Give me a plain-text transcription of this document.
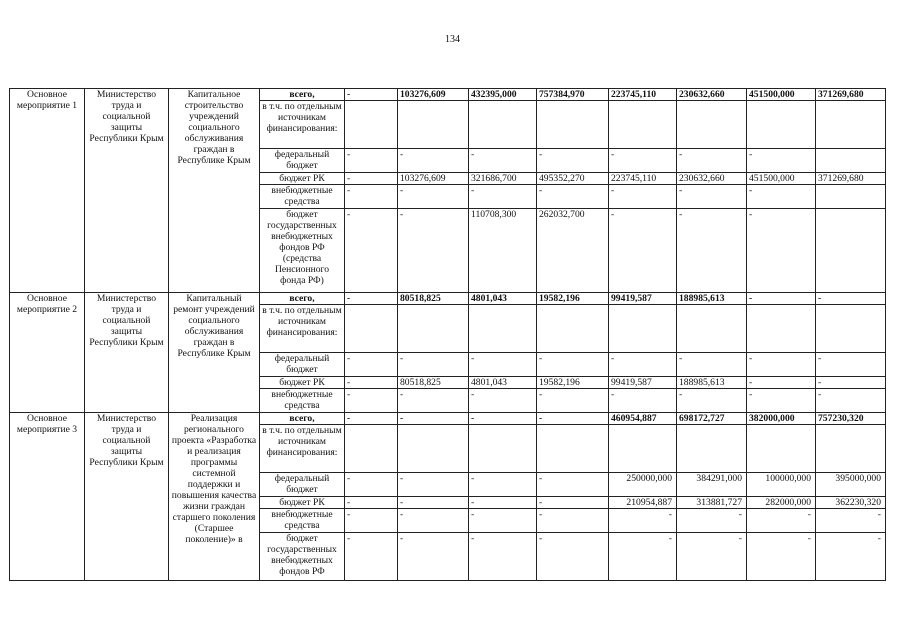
134
Основное мероприятие 1	Министерство труда и социальной защиты Республики Крым	Капитальное строительство учреждений социального обслуживания граждан в Республике Крым	всего,	-	103276,609	432395,000	757384,970	223745,110	230632,660	451500,000	371269,680
			в т.ч. по отдельным источникам финансирования:								
			федеральный бюджет	-	-	-	-	-	-	-	
			бюджет РК	-	103276,609	321686,700	495352,270	223745,110	230632,660	451500,000	371269,680
			внебюджетные средства	-	-	-	-	-	-	-	
			бюджет государственных внебюджетных фондов РФ (средства Пенсионного фонда РФ)	-	-	110708,300	262032,700	-	-	-	
Основное мероприятие 2	Министерство труда и социальной защиты Республики Крым	Капитальный ремонт учреждений социального обслуживания граждан в Республике Крым	всего,	-	80518,825	4801,043	19582,196	99419,587	188985,613	-	-
			в т.ч. по отдельным источникам финансирования:								
			федеральный бюджет	-	-	-	-	-	-	-	-
			бюджет РК	-	80518,825	4801,043	19582,196	99419,587	188985,613	-	-
			внебюджетные средства	-	-	-	-	-	-	-	-
Основное мероприятие 3	Министерство труда и социальной защиты Республики Крым	Реализация регионального проекта «Разработка и реализация программы системной поддержки и повышения качества жизни граждан старшего поколения (Старшее поколение)» в	всего,	-	-	-	-	460954,887	698172,727	382000,000	757230,320
			в т.ч. по отдельным источникам финансирования:								
			федеральный бюджет	-	-	-	-	250000,000	384291,000	100000,000	395000,000
			бюджет РК	-	-	-	-	210954,887	313881,727	282000,000	362230,320
			внебюджетные средства	-	-	-	-	-	-	-	-
			бюджет государственных внебюджетных фондов РФ	-	-	-	-	-	-	-	-
